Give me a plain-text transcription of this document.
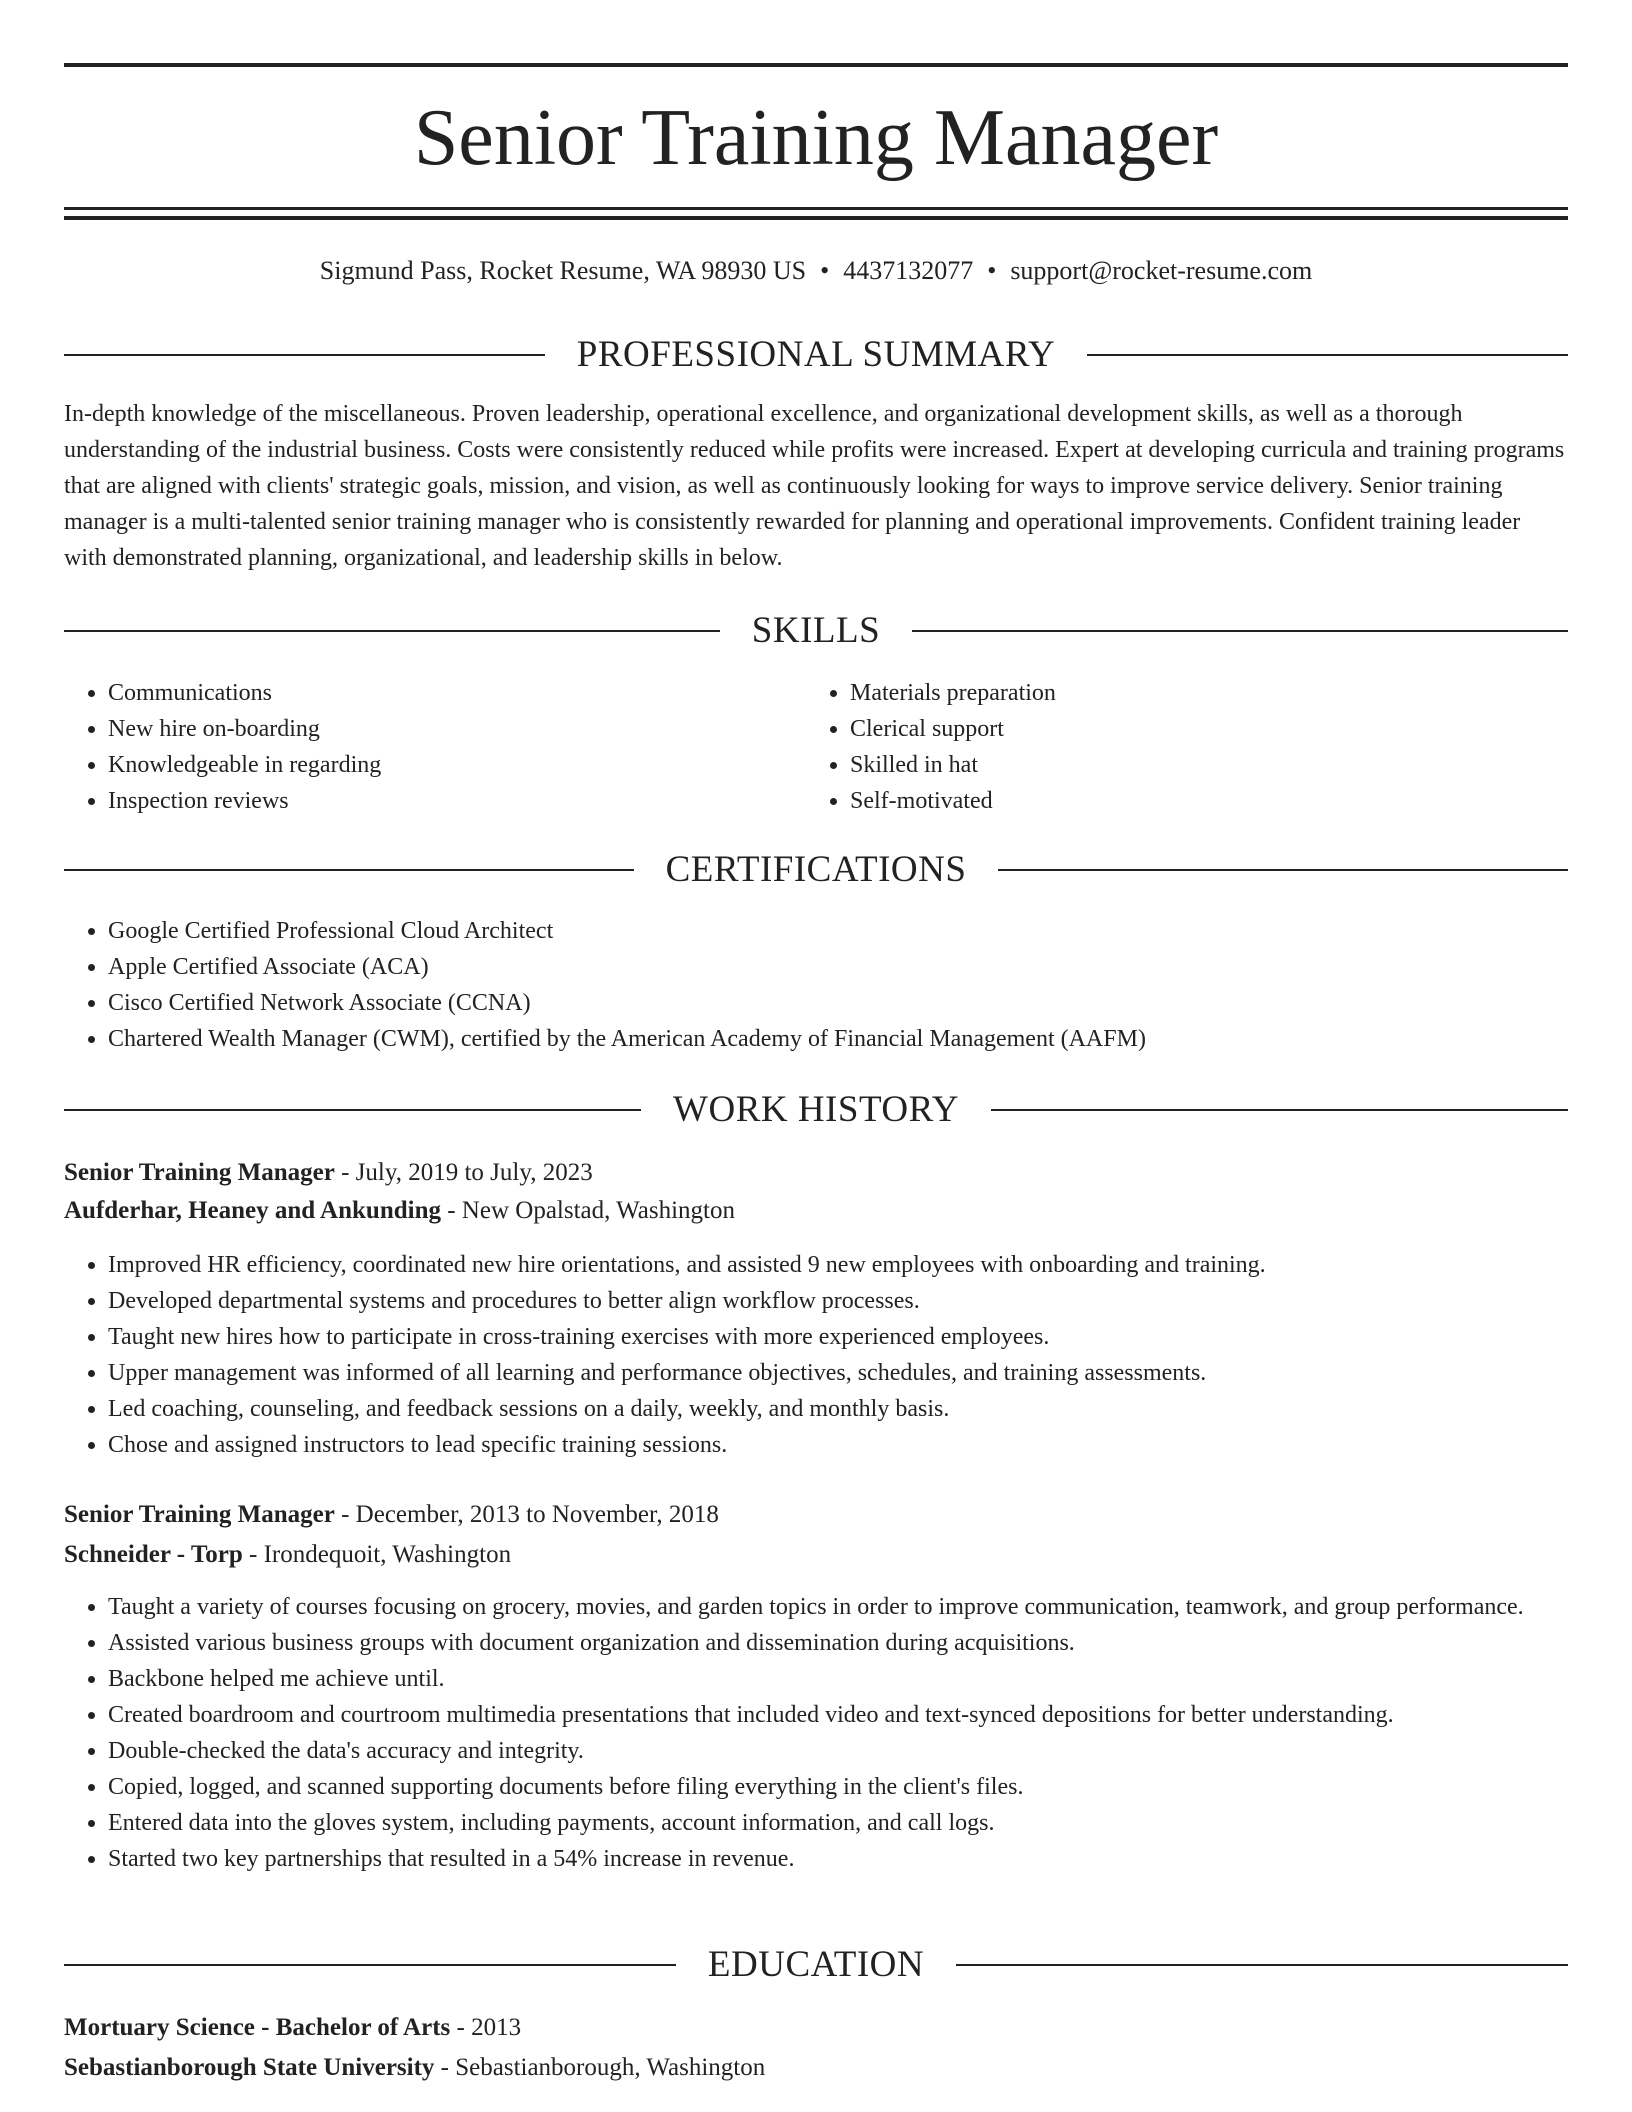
Senior Training Manager
Sigmund Pass, Rocket Resume, WA 98930 US • 4437132077 • support@rocket-resume.com
PROFESSIONAL SUMMARY

In-depth knowledge of the miscellaneous. Proven leadership, operational excellence, and organizational development skills, as well as a thorough understanding of the industrial business. Costs were consistently reduced while profits were increased. Expert at developing curricula and training programs that are aligned with clients' strategic goals, mission, and vision, as well as continuously looking for ways to improve service delivery. Senior training manager is a multi-talented senior training manager who is consistently rewarded for planning and operational improvements. Confident training leader with demonstrated planning, organizational, and leadership skills in below.

SKILLS
• Communications
• New hire on-boarding
• Knowledgeable in regarding
• Inspection reviews
• Materials preparation
• Clerical support
• Skilled in hat
• Self-motivated
CERTIFICATIONS
• Google Certified Professional Cloud Architect
• Apple Certified Associate (ACA)
• Cisco Certified Network Associate (CCNA)
• Chartered Wealth Manager (CWM), certified by the American Academy of Financial Management (AAFM)
WORK HISTORY
Senior Training Manager - July, 2019 to July, 2023
Aufderhar, Heaney and Ankunding - New Opalstad, Washington
• Improved HR efficiency, coordinated new hire orientations, and assisted 9 new employees with onboarding and training.
• Developed departmental systems and procedures to better align workflow processes.
• Taught new hires how to participate in cross-training exercises with more experienced employees.
• Upper management was informed of all learning and performance objectives, schedules, and training assessments.
• Led coaching, counseling, and feedback sessions on a daily, weekly, and monthly basis.
• Chose and assigned instructors to lead specific training sessions.
Senior Training Manager - December, 2013 to November, 2018
Schneider - Torp - Irondequoit, Washington
• Taught a variety of courses focusing on grocery, movies, and garden topics in order to improve communication, teamwork, and group performance.
• Assisted various business groups with document organization and dissemination during acquisitions.
• Backbone helped me achieve until.
• Created boardroom and courtroom multimedia presentations that included video and text-synced depositions for better understanding.
• Double-checked the data's accuracy and integrity.
• Copied, logged, and scanned supporting documents before filing everything in the client's files.
• Entered data into the gloves system, including payments, account information, and call logs.
• Started two key partnerships that resulted in a 54% increase in revenue.
EDUCATION
Mortuary Science - Bachelor of Arts - 2013
Sebastianborough State University - Sebastianborough, Washington
